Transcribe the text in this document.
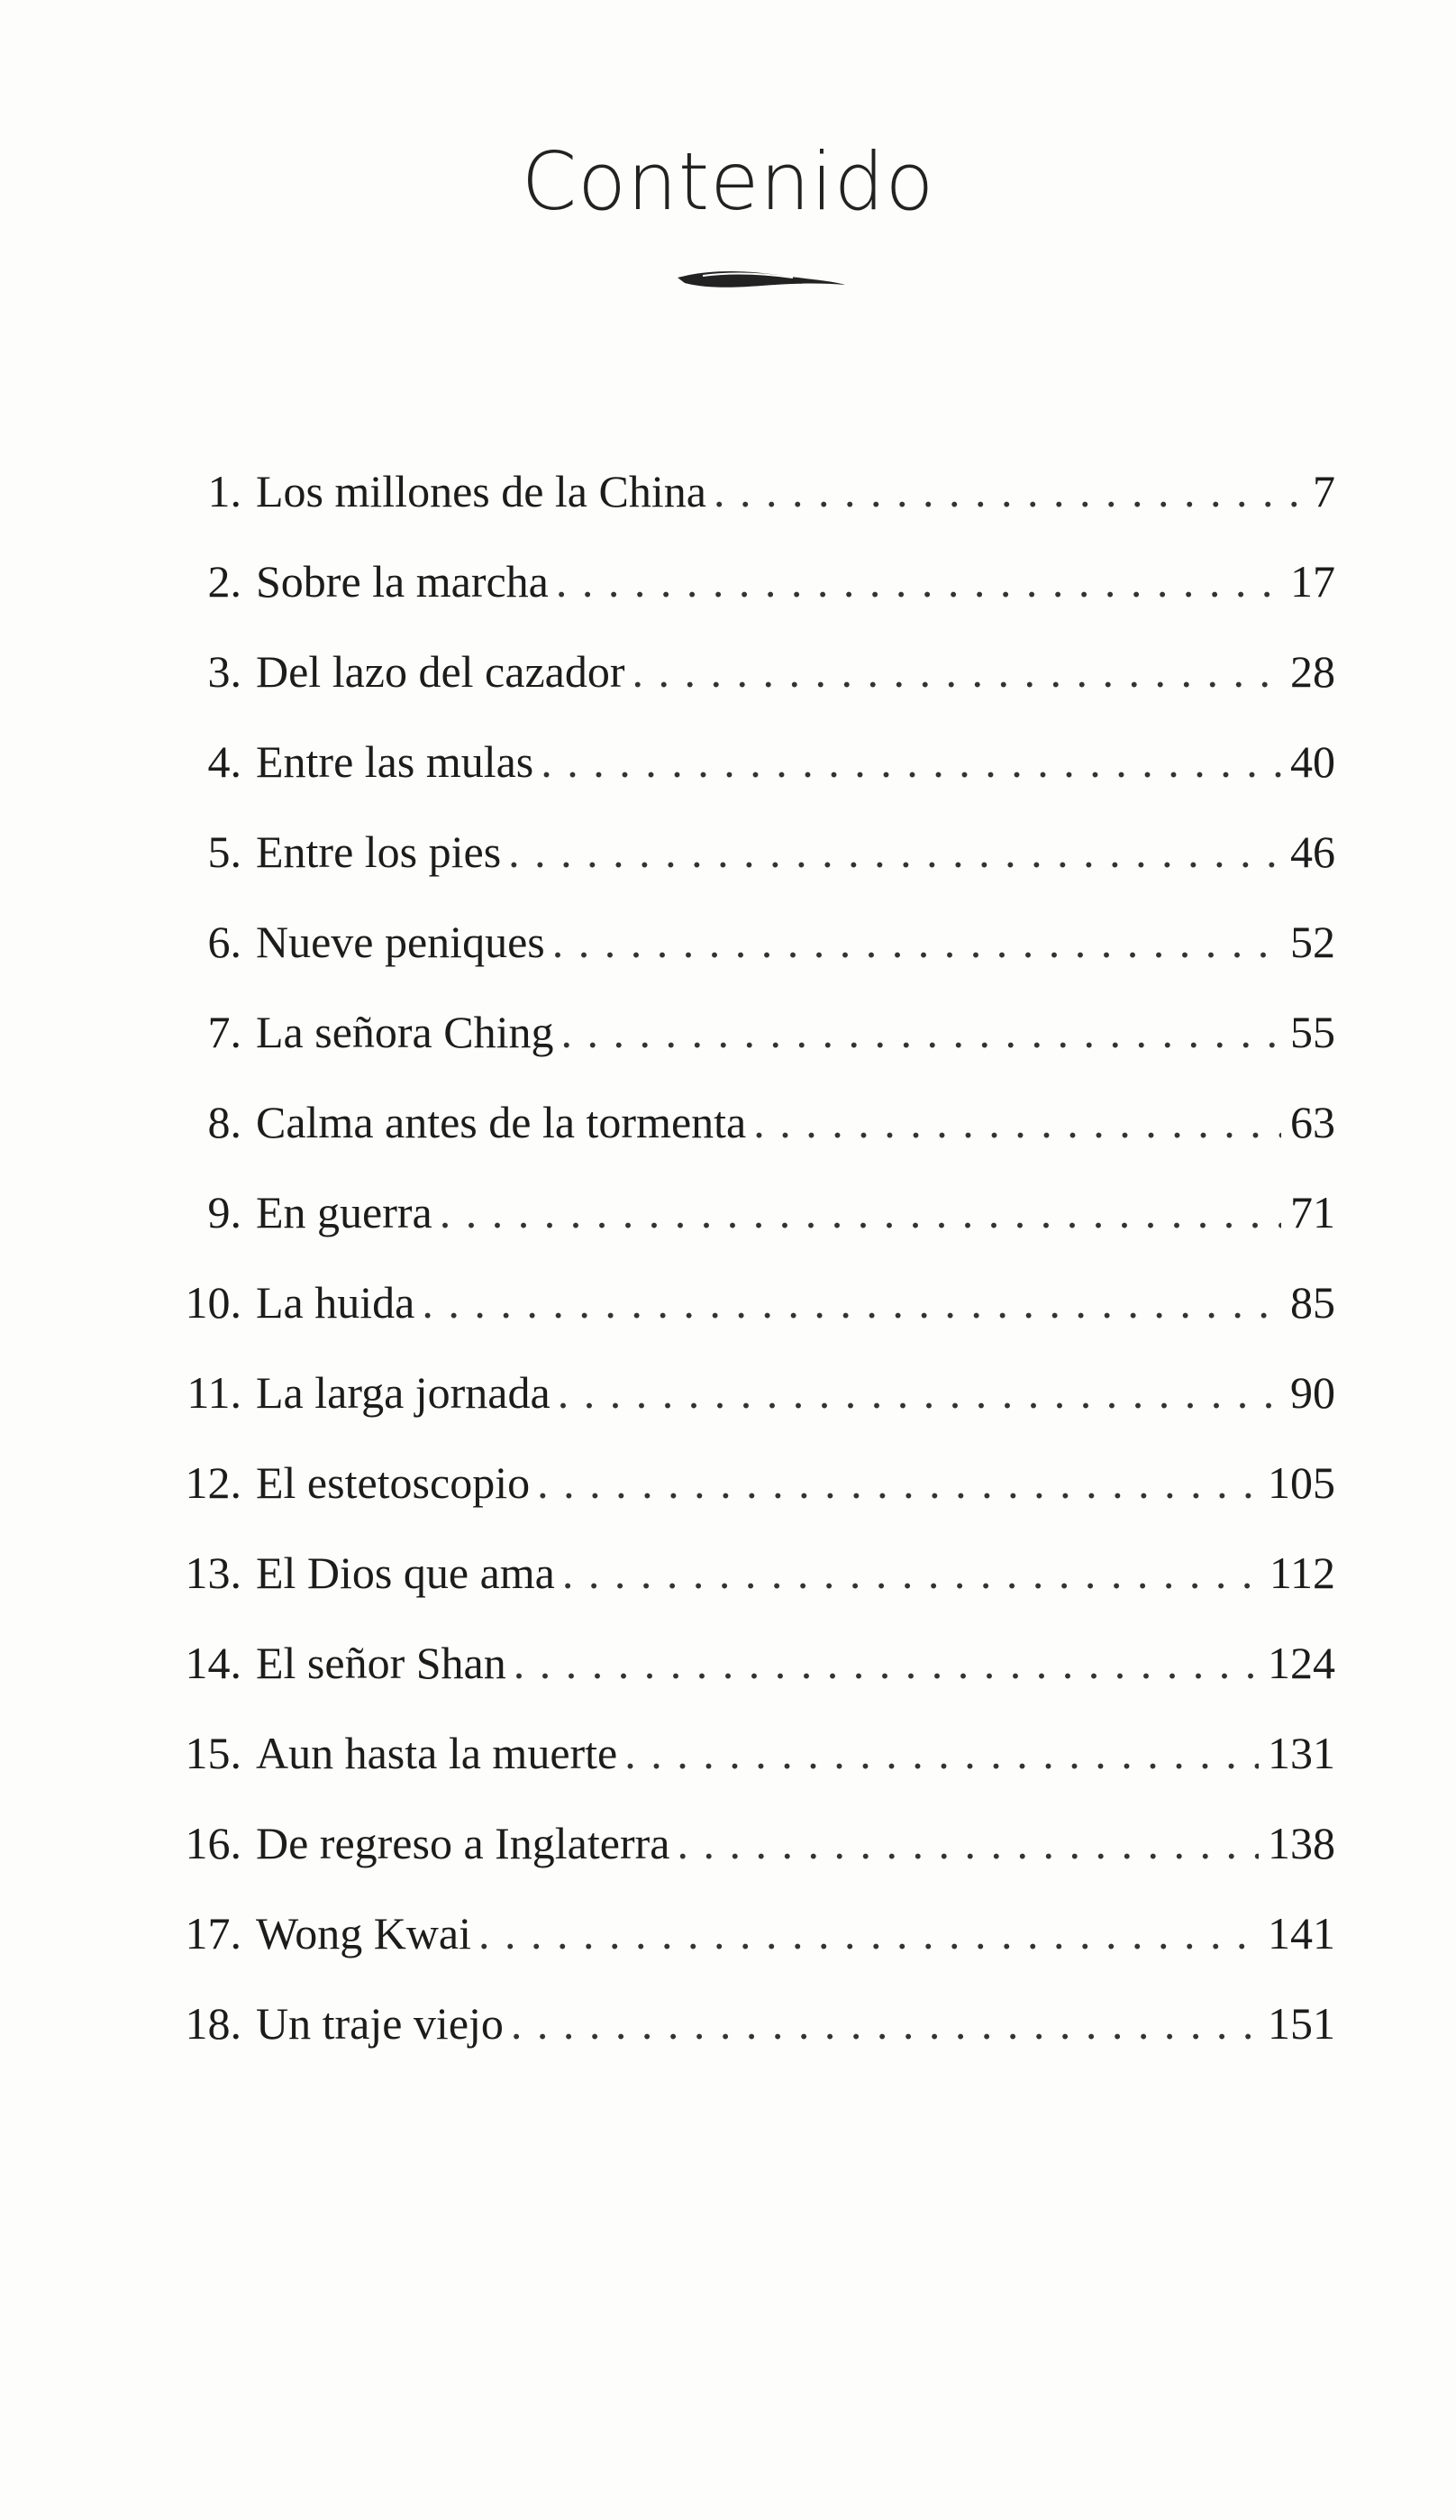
Contenido
1. Los millones de la China . . .	7
2. Sobre la marcha . . .	17
3. Del lazo del cazador . . .	28
4. Entre las mulas . . .	40
5. Entre los pies . . .	46
6. Nueve peniques . . .	52
7. La señora Ching . . .	55
8. Calma antes de la tormenta . . .	63
9. En guerra . . .	71
10. La huida . . .	85
11. La larga jornada . . .	90
12. El estetoscopio . . .	105
13. El Dios que ama . . .	112
14. El señor Shan . . .	124
15. Aun hasta la muerte . . .	131
16. De regreso a Inglaterra . . .	138
17. Wong Kwai . . .	141
18. Un traje viejo . . .	151
